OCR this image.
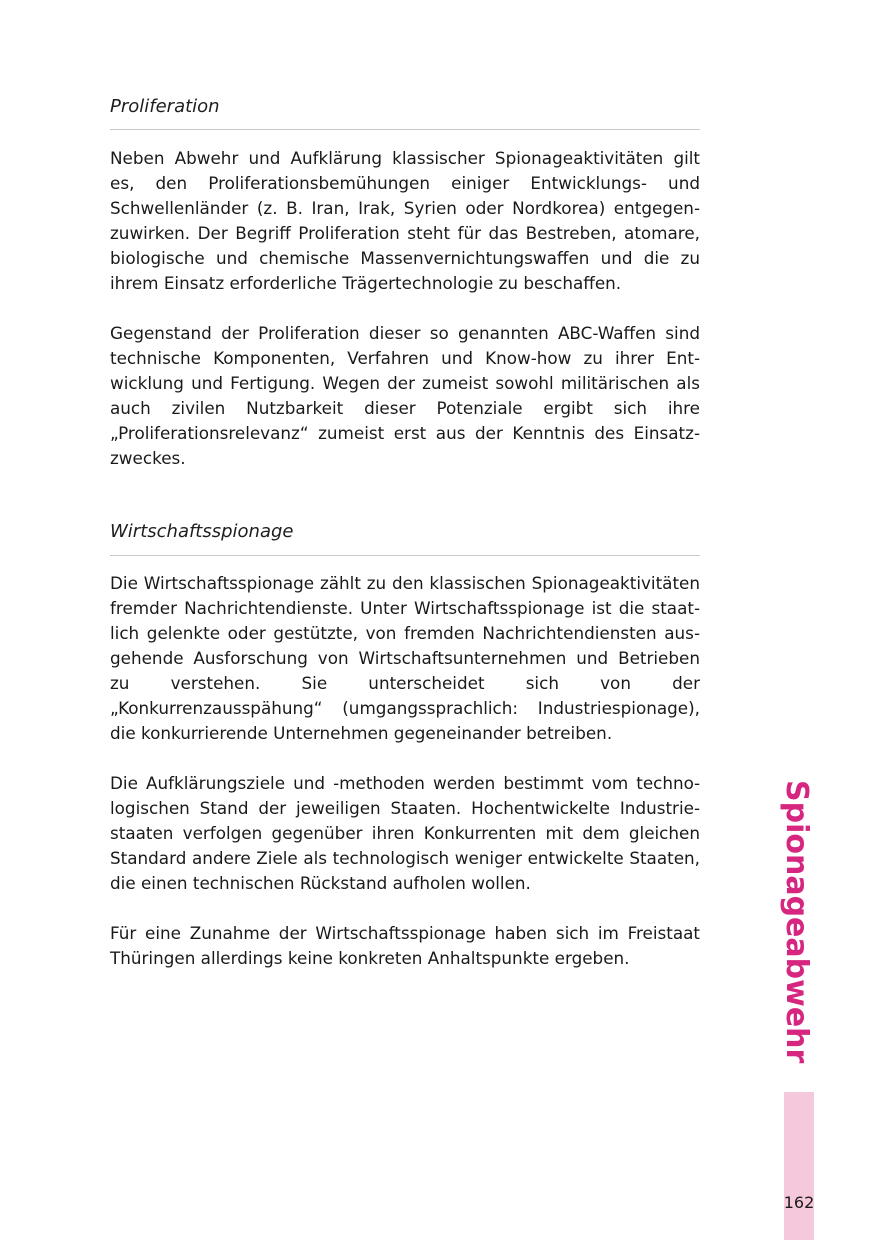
Proliferation

Neben Abwehr und Aufklärung klassischer Spionageaktivitäten gilt es, den Proliferationsbemühungen einiger Entwicklungs- und Schwellenländer (z. B. Iran, Irak, Syrien oder Nordkorea) entgegenzuwirken. Der Begriff Proliferation steht für das Bestreben, atomare, biologische und chemische Massenvernichtungswaffen und die zu ihrem Einsatz erforderliche Trägertechnologie zu beschaffen.

Gegenstand der Proliferation dieser so genannten ABC-Waffen sind technische Komponenten, Verfahren und Know-how zu ihrer Entwicklung und Fertigung. Wegen der zumeist sowohl militärischen als auch zivilen Nutzbarkeit dieser Potenziale ergibt sich ihre „Proliferationsrelevanz“ zumeist erst aus der Kenntnis des Einsatzzweckes.

Wirtschaftsspionage

Die Wirtschaftsspionage zählt zu den klassischen Spionageaktivitäten fremder Nachrichtendienste. Unter Wirtschaftsspionage ist die staatlich gelenkte oder gestützte, von fremden Nachrichtendiensten ausgehende Ausforschung von Wirtschaftsunternehmen und Betrieben zu verstehen. Sie unterscheidet sich von der „Konkurrenzausspähung“ (umgangssprachlich: Industriespionage), die konkurrierende Unternehmen gegeneinander betreiben.

Die Aufklärungsziele und -methoden werden bestimmt vom technologischen Stand der jeweiligen Staaten. Hochentwickelte Industriestaaten verfolgen gegenüber ihren Konkurrenten mit dem gleichen Standard andere Ziele als technologisch weniger entwickelte Staaten, die einen technischen Rückstand aufholen wollen.

Für eine Zunahme der Wirtschaftsspionage haben sich im Freistaat Thüringen allerdings keine konkreten Anhaltspunkte ergeben.	Spionageabwehr
162
